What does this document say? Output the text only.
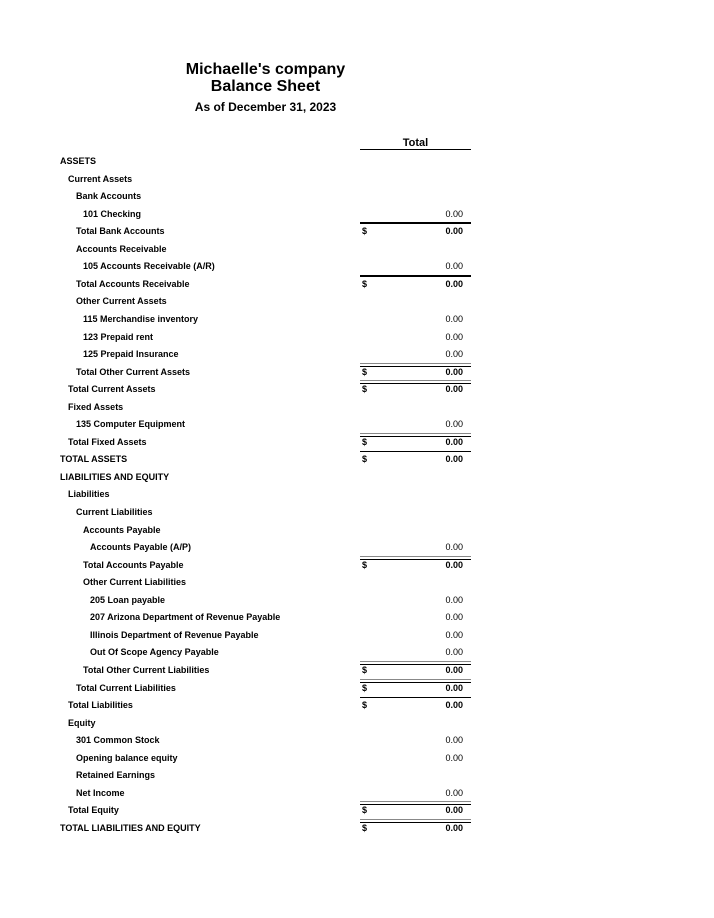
Michaelle's company
Balance Sheet
As of December 31, 2023
Total
ASSETS
Current Assets
Bank Accounts
101 Checking	0.00
Total Bank Accounts	$	0.00
Accounts Receivable
105 Accounts Receivable (A/R)	0.00
Total Accounts Receivable	$	0.00
Other Current Assets
115 Merchandise inventory	0.00
123 Prepaid rent	0.00
125 Prepaid Insurance	0.00
Total Other Current Assets	$	0.00
Total Current Assets	$	0.00
Fixed Assets
135 Computer Equipment	0.00
Total Fixed Assets	$	0.00
TOTAL ASSETS	$	0.00
LIABILITIES AND EQUITY
Liabilities
Current Liabilities
Accounts Payable
Accounts Payable (A/P)	0.00
Total Accounts Payable	$	0.00
Other Current Liabilities
205 Loan payable	0.00
207 Arizona Department of Revenue Payable	0.00
Illinois Department of Revenue Payable	0.00
Out Of Scope Agency Payable	0.00
Total Other Current Liabilities	$	0.00
Total Current Liabilities	$	0.00
Total Liabilities	$	0.00
Equity
301 Common Stock	0.00
Opening balance equity	0.00
Retained Earnings
Net Income	0.00
Total Equity	$	0.00
TOTAL LIABILITIES AND EQUITY	$	0.00
